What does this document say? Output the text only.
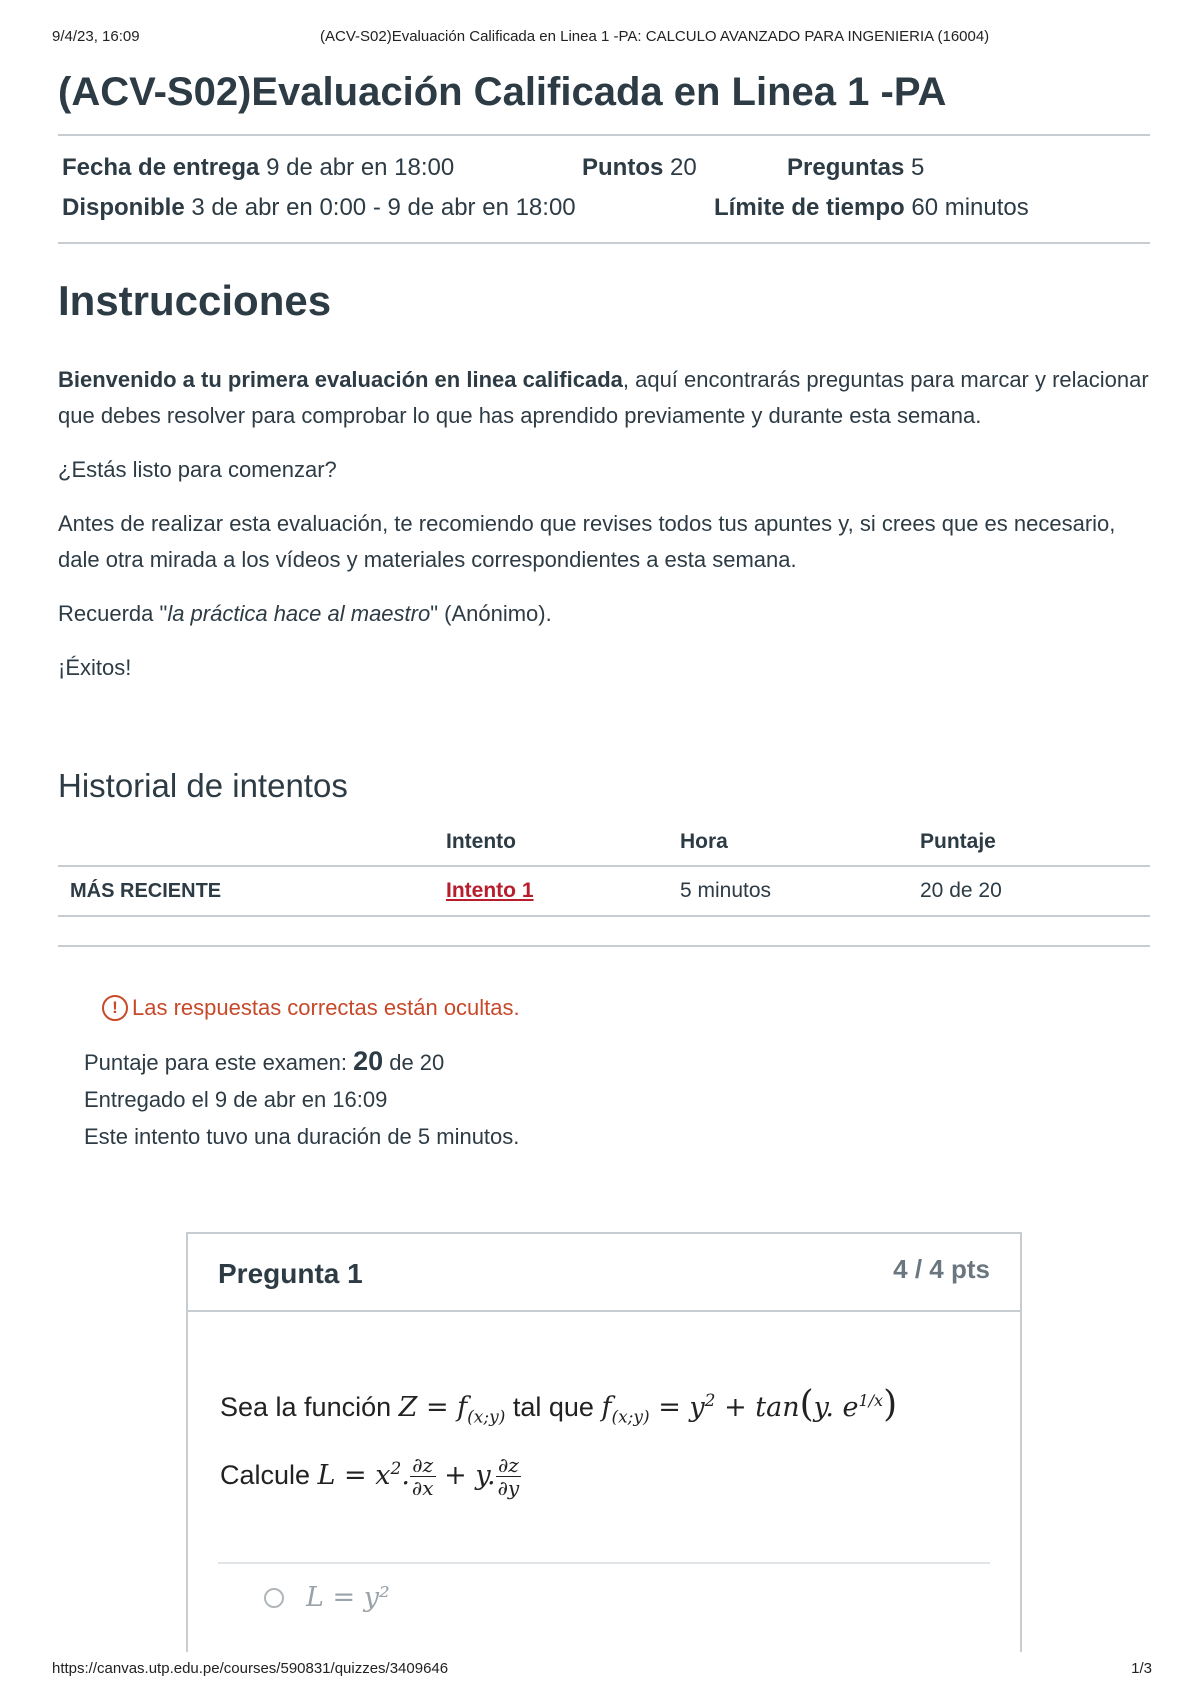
9/4/23, 16:09	(ACV-S02)Evaluación Calificada en Linea 1 -PA: CALCULO AVANZADO PARA INGENIERIA (16004)
(ACV-S02)Evaluación Calificada en Linea 1 -PA
Fecha de entrega 9 de abr en 18:00	Puntos 20	Preguntas 5
Disponible 3 de abr en 0:00 - 9 de abr en 18:00	Límite de tiempo 60 minutos
Instrucciones

Bienvenido a tu primera evaluación en linea calificada, aquí encontrarás preguntas para marcar y relacionar que debes resolver para comprobar lo que has aprendido previamente y durante esta semana.

¿Estás listo para comenzar?

Antes de realizar esta evaluación, te recomiendo que revises todos tus apuntes y, si crees que es necesario, dale otra mirada a los vídeos y materiales correspondientes a esta semana.

Recuerda "la práctica hace al maestro" (Anónimo).

¡Éxitos!

Historial de intentos
	Intento	Hora	Puntaje
MÁS RECIENTE	Intento 1	5 minutos	20 de 20
! Las respuestas correctas están ocultas.
Puntaje para este examen: 20 de 20
Entregado el 9 de abr en 16:09
Este intento tuvo una duración de 5 minutos.
Pregunta 1	4 / 4 pts
Sea la función $Z = f_{(x;y)}$ tal que $f_{(x;y)} = y^2 + \tan(y$. $e^{1/x}$)
Calcule $L = x^2$. $\frac{\partial z}{\partial x} + y$. $\frac{\partial z}{\partial y}$
L = y²
https://canvas.utp.edu.pe/courses/590831/quizzes/3409646	1/3
